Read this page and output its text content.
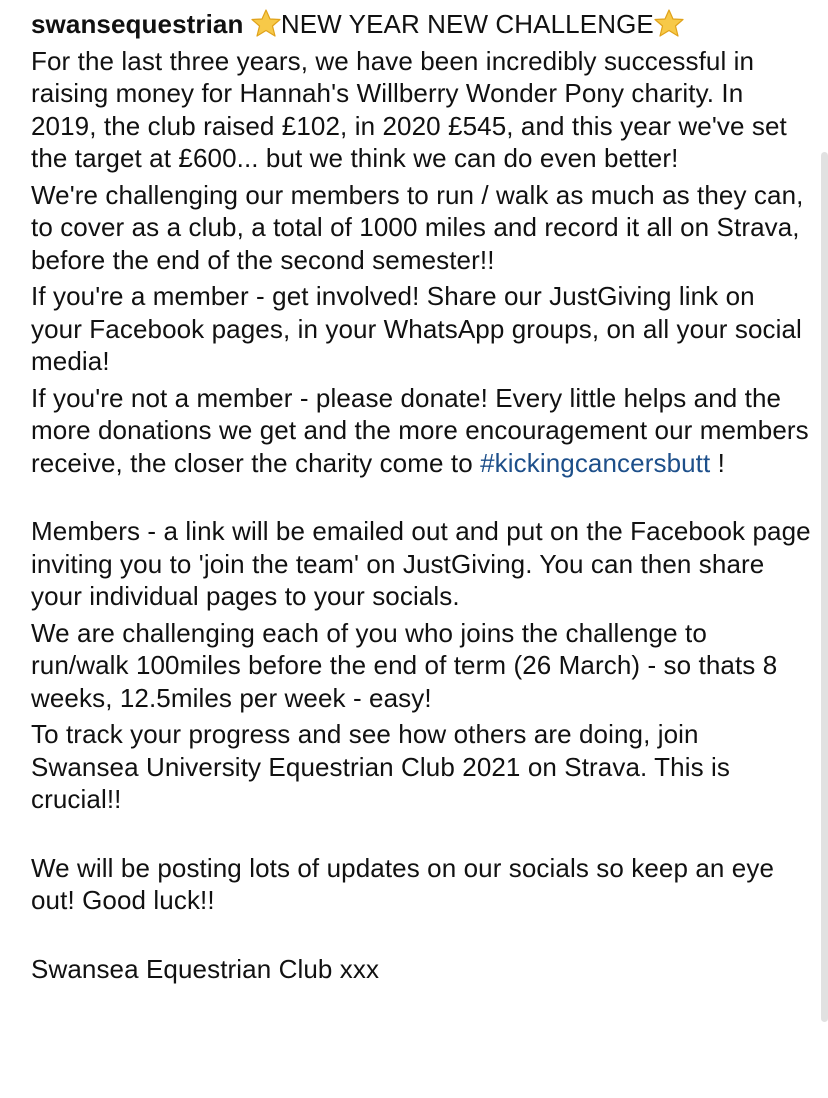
swansequestrian NEW YEAR NEW CHALLENGE

For the last three years, we have been incredibly successful in raising money for Hannah's Willberry Wonder Pony charity. In 2019, the club raised £102, in 2020 £545, and this year we've set the target at £600... but we think we can do even better!

We're challenging our members to run / walk as much as they can, to cover as a club, a total of 1000 miles and record it all on Strava, before the end of the second semester!!

If you're a member - get involved! Share our JustGiving link on your Facebook pages, in your WhatsApp groups, on all your social media!

If you're not a member - please donate! Every little helps and the more donations we get and the more encouragement our members receive, the closer the charity come to #kickingcancersbutt !

Members - a link will be emailed out and put on the Facebook page inviting you to 'join the team' on JustGiving. You can then share your individual pages to your socials.

We are challenging each of you who joins the challenge to run/walk 100miles before the end of term (26 March) - so thats 8 weeks, 12.5miles per week - easy!

To track your progress and see how others are doing, join Swansea University Equestrian Club 2021 on Strava. This is crucial!!

We will be posting lots of updates on our socials so keep an eye out! Good luck!!

Swansea Equestrian Club xxx
